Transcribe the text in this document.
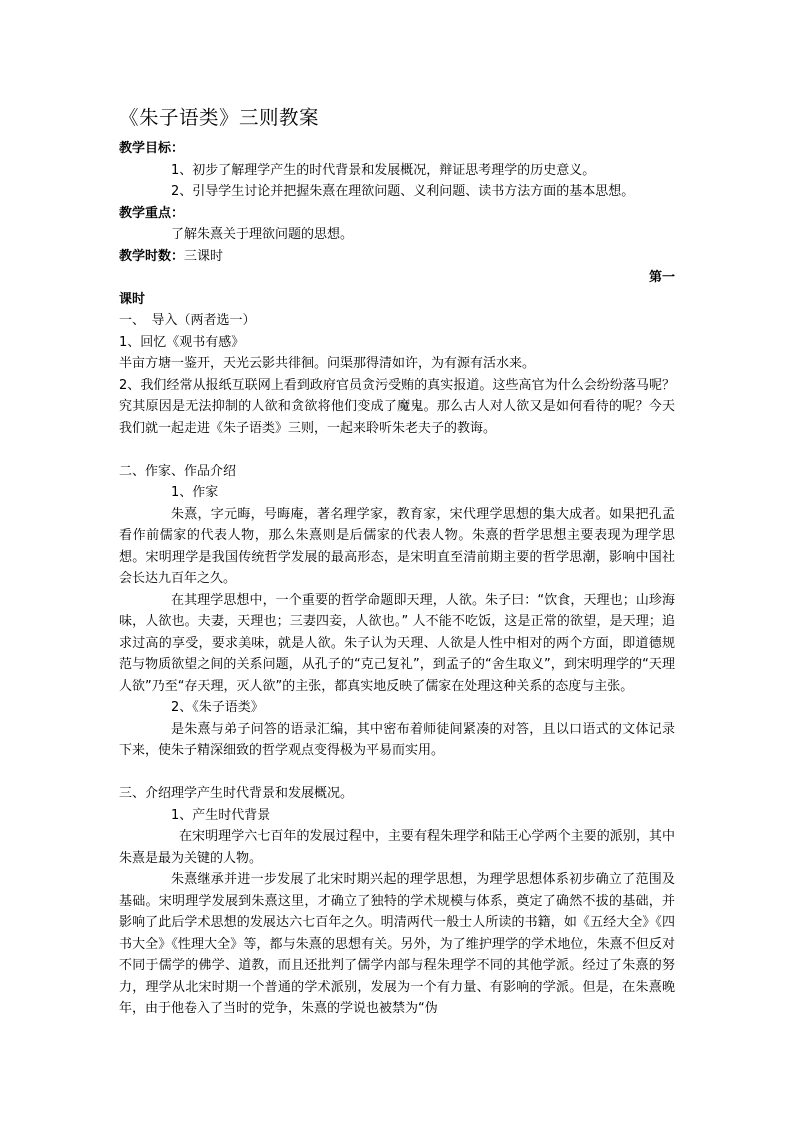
《朱子语类》三则教案

教学目标：

1、初步了解理学产生的时代背景和发展概况，辩证思考理学的历史意义。

2、引导学生讨论并把握朱熹在理欲问题、义利问题、读书方法方面的基本思想。

教学重点：

了解朱熹关于理欲问题的思想。

教学时数：三课时

第一

课时

一、　导入（两者选一）

1、回忆《观书有感》

半亩方塘一鉴开，天光云影共徘徊。问渠那得清如许，为有源有活水来。

2、我们经常从报纸互联网上看到政府官员贪污受贿的真实报道。这些高官为什么会纷纷落马呢？究其原因是无法抑制的人欲和贪欲将他们变成了魔鬼。那么古人对人欲又是如何看待的呢？今天我们就一起走进《朱子语类》三则，一起来聆听朱老夫子的教诲。

二、作家、作品介绍

1、作家

朱熹，字元晦，号晦庵，著名理学家，教育家，宋代理学思想的集大成者。如果把孔孟看作前儒家的代表人物，那么朱熹则是后儒家的代表人物。朱熹的哲学思想主要表现为理学思想。宋明理学是我国传统哲学发展的最高形态，是宋明直至清前期主要的哲学思潮，影响中国社会长达九百年之久。

在其理学思想中，一个重要的哲学命题即天理，人欲。朱子曰：“饮食，天理也；山珍海味，人欲也。夫妻，天理也；三妻四妾，人欲也。” 人不能不吃饭，这是正常的欲望，是天理；追求过高的享受，要求美味，就是人欲。朱子认为天理、人欲是人性中相对的两个方面，即道德规范与物质欲望之间的关系问题，从孔子的“克己复礼”，到孟子的“舍生取义”，到宋明理学的“天理人欲”乃至“存天理，灭人欲”的主张，都真实地反映了儒家在处理这种关系的态度与主张。

2、《朱子语类》

是朱熹与弟子问答的语录汇编，其中密布着师徒间紧凑的对答，且以口语式的文体记录下来，使朱子精深细致的哲学观点变得极为平易而实用。

三、介绍理学产生时代背景和发展概况。

1、产生时代背景

在宋明理学六七百年的发展过程中，主要有程朱理学和陆王心学两个主要的派别，其中朱熹是最为关键的人物。

朱熹继承并进一步发展了北宋时期兴起的理学思想，为理学思想体系初步确立了范围及基础。宋明理学发展到朱熹这里，才确立了独特的学术规模与体系，奠定了确然不拔的基础，并影响了此后学术思想的发展达六七百年之久。明清两代一般士人所读的书籍，如《五经大全》《四书大全》《性理大全》等，都与朱熹的思想有关。另外，为了维护理学的学术地位，朱熹不但反对不同于儒学的佛学、道教，而且还批判了儒学内部与程朱理学不同的其他学派。经过了朱熹的努力，理学从北宋时期一个普通的学术派别，发展为一个有力量、有影响的学派。但是，在朱熹晚年，由于他卷入了当时的党争，朱熹的学说也被禁为“伪
